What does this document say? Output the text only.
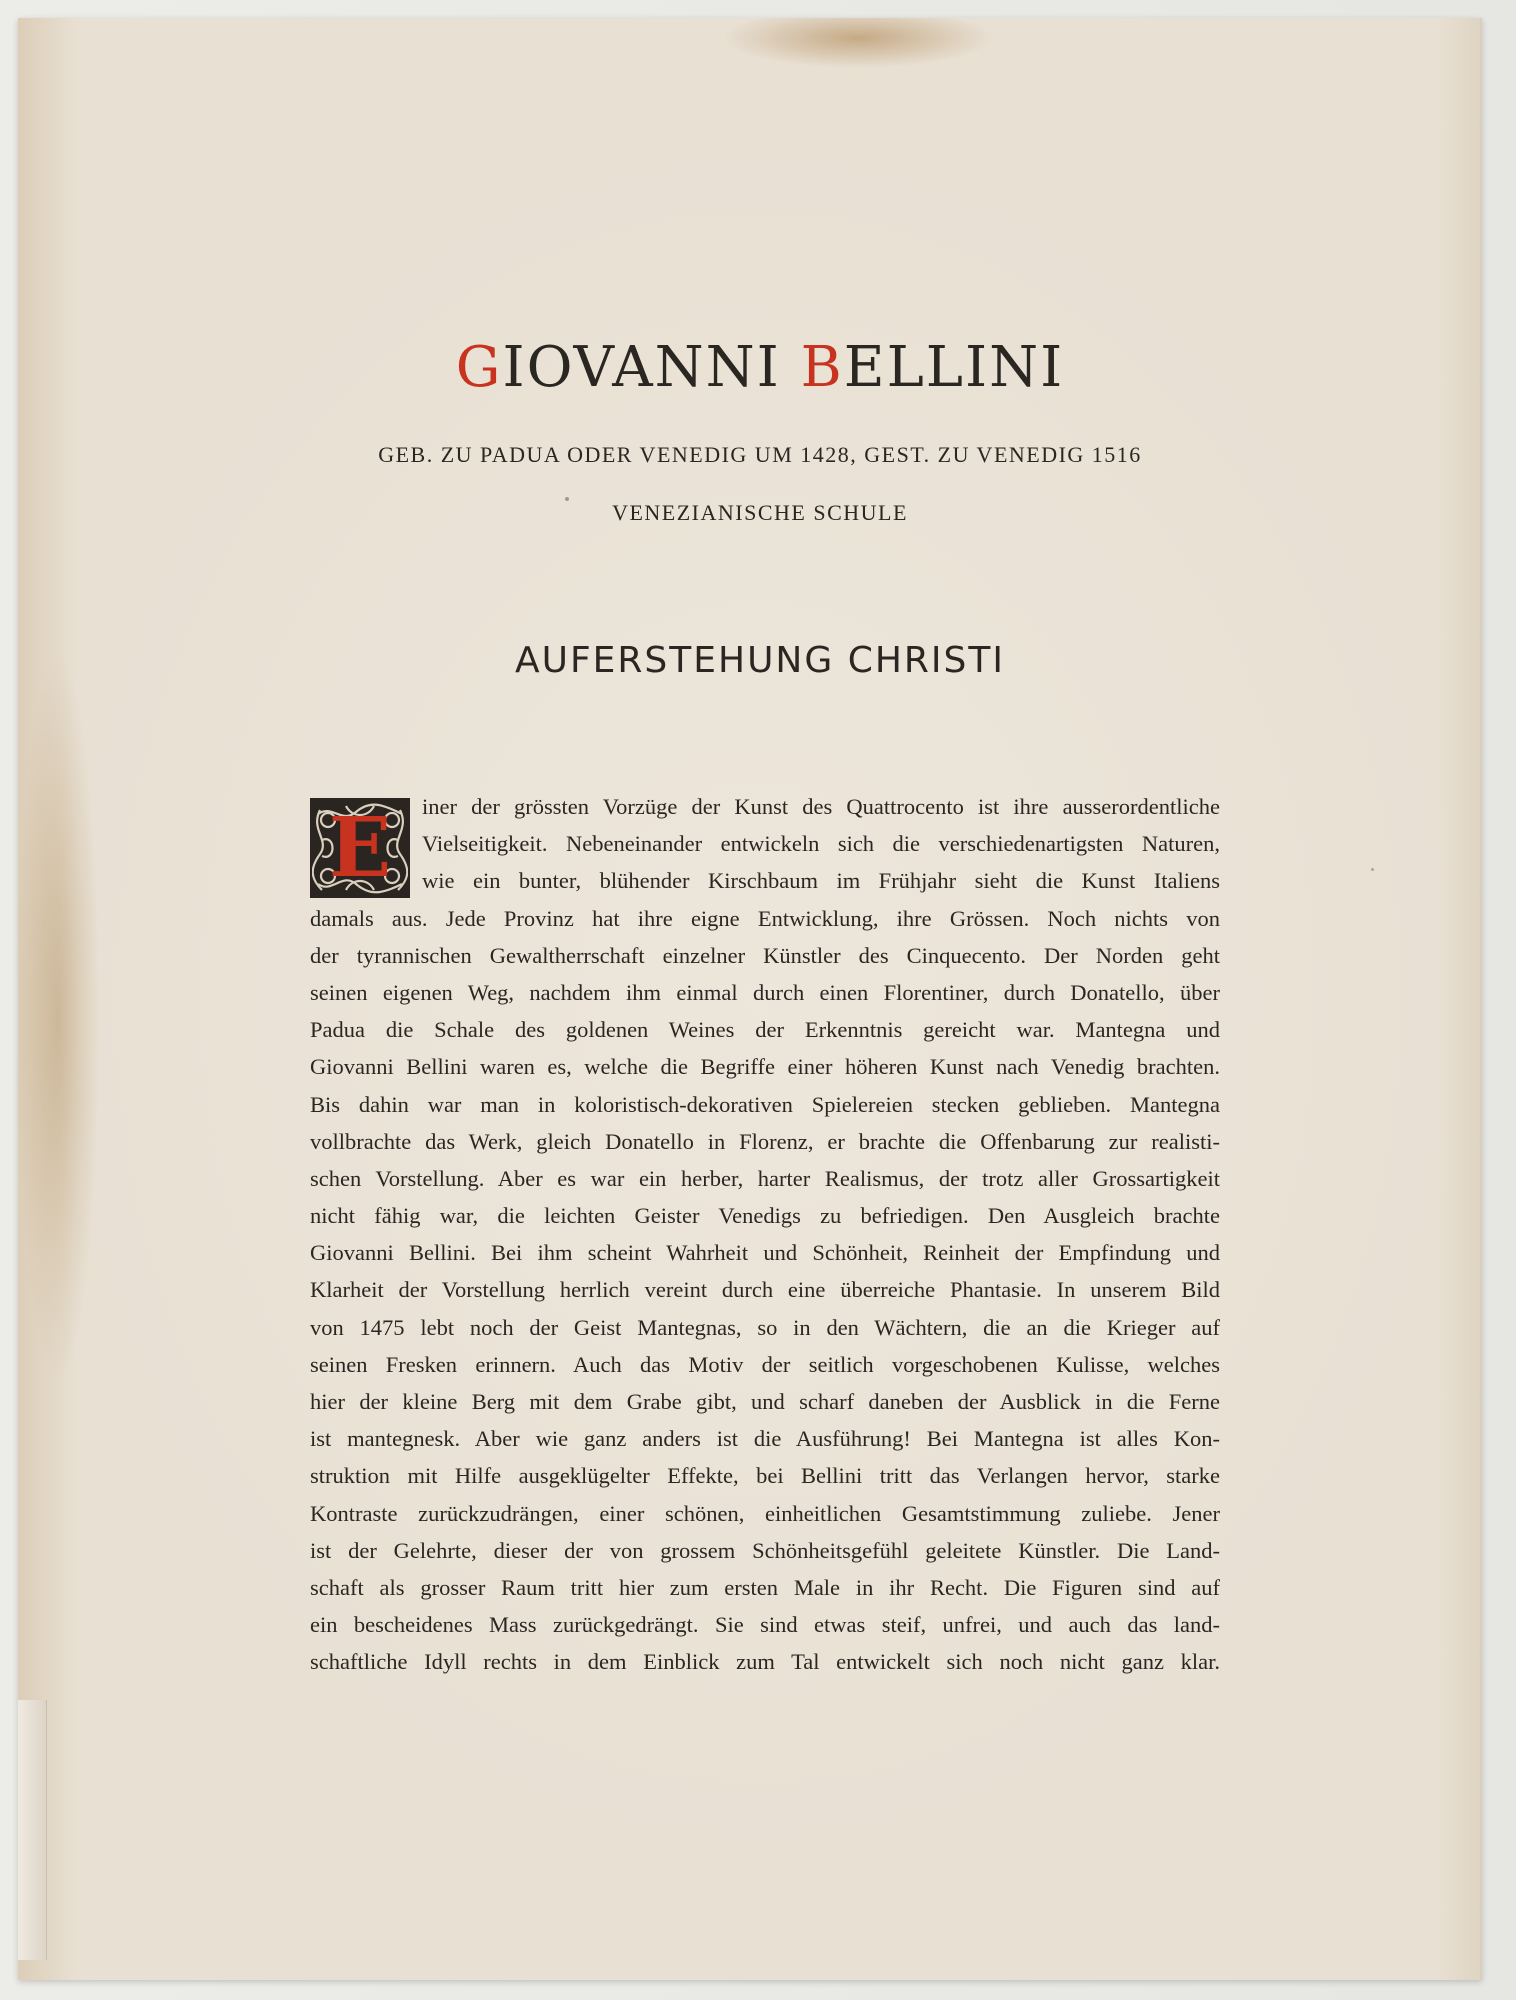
GIOVANNI BELLINI
GEB. ZU PADUA ODER VENEDIG UM 1428, GEST. ZU VENEDIG 1516
VENEZIANISCHE SCHULE
AUFERSTEHUNG CHRISTI
E	iner der grössten Vorzüge der Kunst des Quattrocento ist ihre ausserordentliche
Vielseitigkeit. Nebeneinander entwickeln sich die verschiedenartigsten Naturen,
wie ein bunter, blühender Kirschbaum im Frühjahr sieht die Kunst Italiens
damals aus. Jede Provinz hat ihre eigne Entwicklung, ihre Grössen. Noch nichts von
der tyrannischen Gewaltherrschaft einzelner Künstler des Cinquecento. Der Norden geht
seinen eigenen Weg, nachdem ihm einmal durch einen Florentiner, durch Donatello, über
Padua die Schale des goldenen Weines der Erkenntnis gereicht war. Mantegna und
Giovanni Bellini waren es, welche die Begriffe einer höheren Kunst nach Venedig brachten.
Bis dahin war man in koloristisch-dekorativen Spielereien stecken geblieben. Mantegna
vollbrachte das Werk, gleich Donatello in Florenz, er brachte die Offenbarung zur realisti-
schen Vorstellung. Aber es war ein herber, harter Realismus, der trotz aller Grossartigkeit
nicht fähig war, die leichten Geister Venedigs zu befriedigen. Den Ausgleich brachte
Giovanni Bellini. Bei ihm scheint Wahrheit und Schönheit, Reinheit der Empfindung und
Klarheit der Vorstellung herrlich vereint durch eine überreiche Phantasie. In unserem Bild
von 1475 lebt noch der Geist Mantegnas, so in den Wächtern, die an die Krieger auf
seinen Fresken erinnern. Auch das Motiv der seitlich vorgeschobenen Kulisse, welches
hier der kleine Berg mit dem Grabe gibt, und scharf daneben der Ausblick in die Ferne
ist mantegnesk. Aber wie ganz anders ist die Ausführung! Bei Mantegna ist alles Kon-
struktion mit Hilfe ausgeklügelter Effekte, bei Bellini tritt das Verlangen hervor, starke
Kontraste zurückzudrängen, einer schönen, einheitlichen Gesamtstimmung zuliebe. Jener
ist der Gelehrte, dieser der von grossem Schönheitsgefühl geleitete Künstler. Die Land-
schaft als grosser Raum tritt hier zum ersten Male in ihr Recht. Die Figuren sind auf
ein bescheidenes Mass zurückgedrängt. Sie sind etwas steif, unfrei, und auch das land-
schaftliche Idyll rechts in dem Einblick zum Tal entwickelt sich noch nicht ganz klar.
